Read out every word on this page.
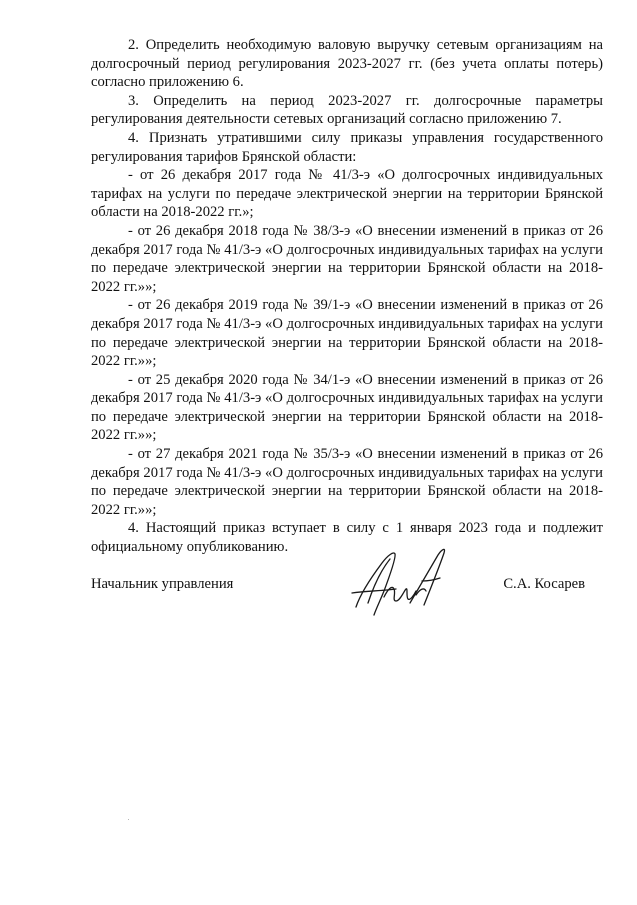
2. Определить необходимую валовую выручку сетевым организациям на долгосрочный период регулирования 2023-2027 гг. (без учета оплаты потерь) согласно приложению 6.

3. Определить на период 2023-2027 гг. долгосрочные параметры регулирования деятельности сетевых организаций согласно приложению 7.

4. Признать утратившими силу приказы управления государственного регулирования тарифов Брянской области:

- от 26 декабря 2017 года № 41/3-э «О долгосрочных индивидуальных тарифах на услуги по передаче электрической энергии на территории Брянской области на 2018-2022 гг.»;

- от 26 декабря 2018 года № 38/3-э «О внесении изменений в приказ от 26 декабря 2017 года № 41/3-э «О долгосрочных индивидуальных тарифах на услуги по передаче электрической энергии на территории Брянской области на 2018-2022 гг.»»;

- от 26 декабря 2019 года № 39/1-э «О внесении изменений в приказ от 26 декабря 2017 года № 41/3-э «О долгосрочных индивидуальных тарифах на услуги по передаче электрической энергии на территории Брянской области на 2018-2022 гг.»»;

- от 25 декабря 2020 года № 34/1-э «О внесении изменений в приказ от 26 декабря 2017 года № 41/3-э «О долгосрочных индивидуальных тарифах на услуги по передаче электрической энергии на территории Брянской области на 2018-2022 гг.»»;

- от 27 декабря 2021 года № 35/3-э «О внесении изменений в приказ от 26 декабря 2017 года № 41/3-э «О долгосрочных индивидуальных тарифах на услуги по передаче электрической энергии на территории Брянской области на 2018-2022 гг.»»;

4. Настоящий приказ вступает в силу с 1 января 2023 года и подлежит официальному опубликованию.

Начальник управления	С.А. Косарев
